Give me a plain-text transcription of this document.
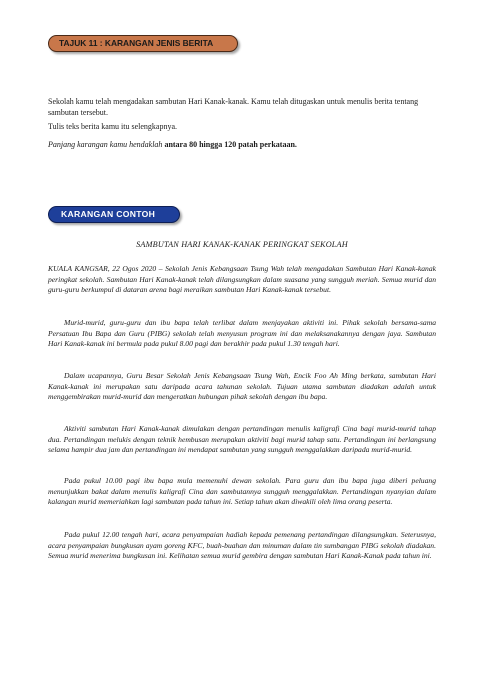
TAJUK 11 : KARANGAN JENIS BERITA

Sekolah kamu telah mengadakan sambutan Hari Kanak-kanak. Kamu telah ditugaskan untuk menulis berita tentang sambutan tersebut.

Tulis teks berita kamu itu selengkapnya.

Panjang karangan kamu hendaklah antara 80 hingga 120 patah perkataan.

KARANGAN CONTOH
SAMBUTAN HARI KANAK-KANAK PERINGKAT SEKOLAH

KUALA KANGSAR, 22 Ogos 2020 – Sekolah Jenis Kebangsaan Tsung Wah telah mengadakan Sambutan Hari Kanak-kanak peringkat sekolah. Sambutan Hari Kanak-kanak telah dilangsungkan dalam suasana yang sungguh meriah. Semua murid dan guru-guru berkumpul di dataran arena bagi meraikan sambutan Hari Kanak-kanak tersebut.

Murid-murid, guru-guru dan ibu bapa telah terlibat dalam menjayakan aktiviti ini. Pihak sekolah bersama-sama Persatuan Ibu Bapa dan Guru (PIBG) sekolah telah menyusun program ini dan melaksanakannya dengan jaya. Sambutan Hari Kanak-kanak ini bermula pada pukul 8.00 pagi dan berakhir pada pukul 1.30 tengah hari.

Dalam ucapannya, Guru Besar Sekolah Jenis Kebangsaan Tsung Wah, Encik Foo Ah Ming berkata, sambutan Hari Kanak-kanak ini merupakan satu daripada acara tahunan sekolah. Tujuan utama sambutan diadakan adalah untuk menggembirakan murid-murid dan mengeratkan hubungan pihak sekolah dengan ibu bapa.

Aktiviti sambutan Hari Kanak-kanak dimulakan dengan pertandingan menulis kaligrafi Cina bagi murid-murid tahap dua. Pertandingan melukis dengan teknik hembusan merupakan aktiviti bagi murid tahap satu. Pertandingan ini berlangsung selama hampir dua jam dan pertandingan ini mendapat sambutan yang sungguh menggalakkan daripada murid-murid.

Pada pukul 10.00 pagi ibu bapa mula memenuhi dewan sekolah. Para guru dan ibu bapa juga diberi peluang menunjukkan bakat dalam menulis kaligrafi Cina dan sambutannya sungguh menggalakkan. Pertandingan nyanyian dalam kalangan murid memeriahkan lagi sambutan pada tahun ini. Setiap tahun akan diwakili oleh lima orang peserta.

Pada pukul 12.00 tengah hari, acara penyampaian hadiah kepada pemenang pertandingan dilangsungkan. Seterusnya, acara penyampaian bungkusan ayam goreng KFC, buah-buahan dan minuman dalam tin sumbangan PIBG sekolah diadakan. Semua murid menerima bungkusan ini. Kelihatan semua murid gembira dengan sambutan Hari Kanak-Kanak pada tahun ini.
